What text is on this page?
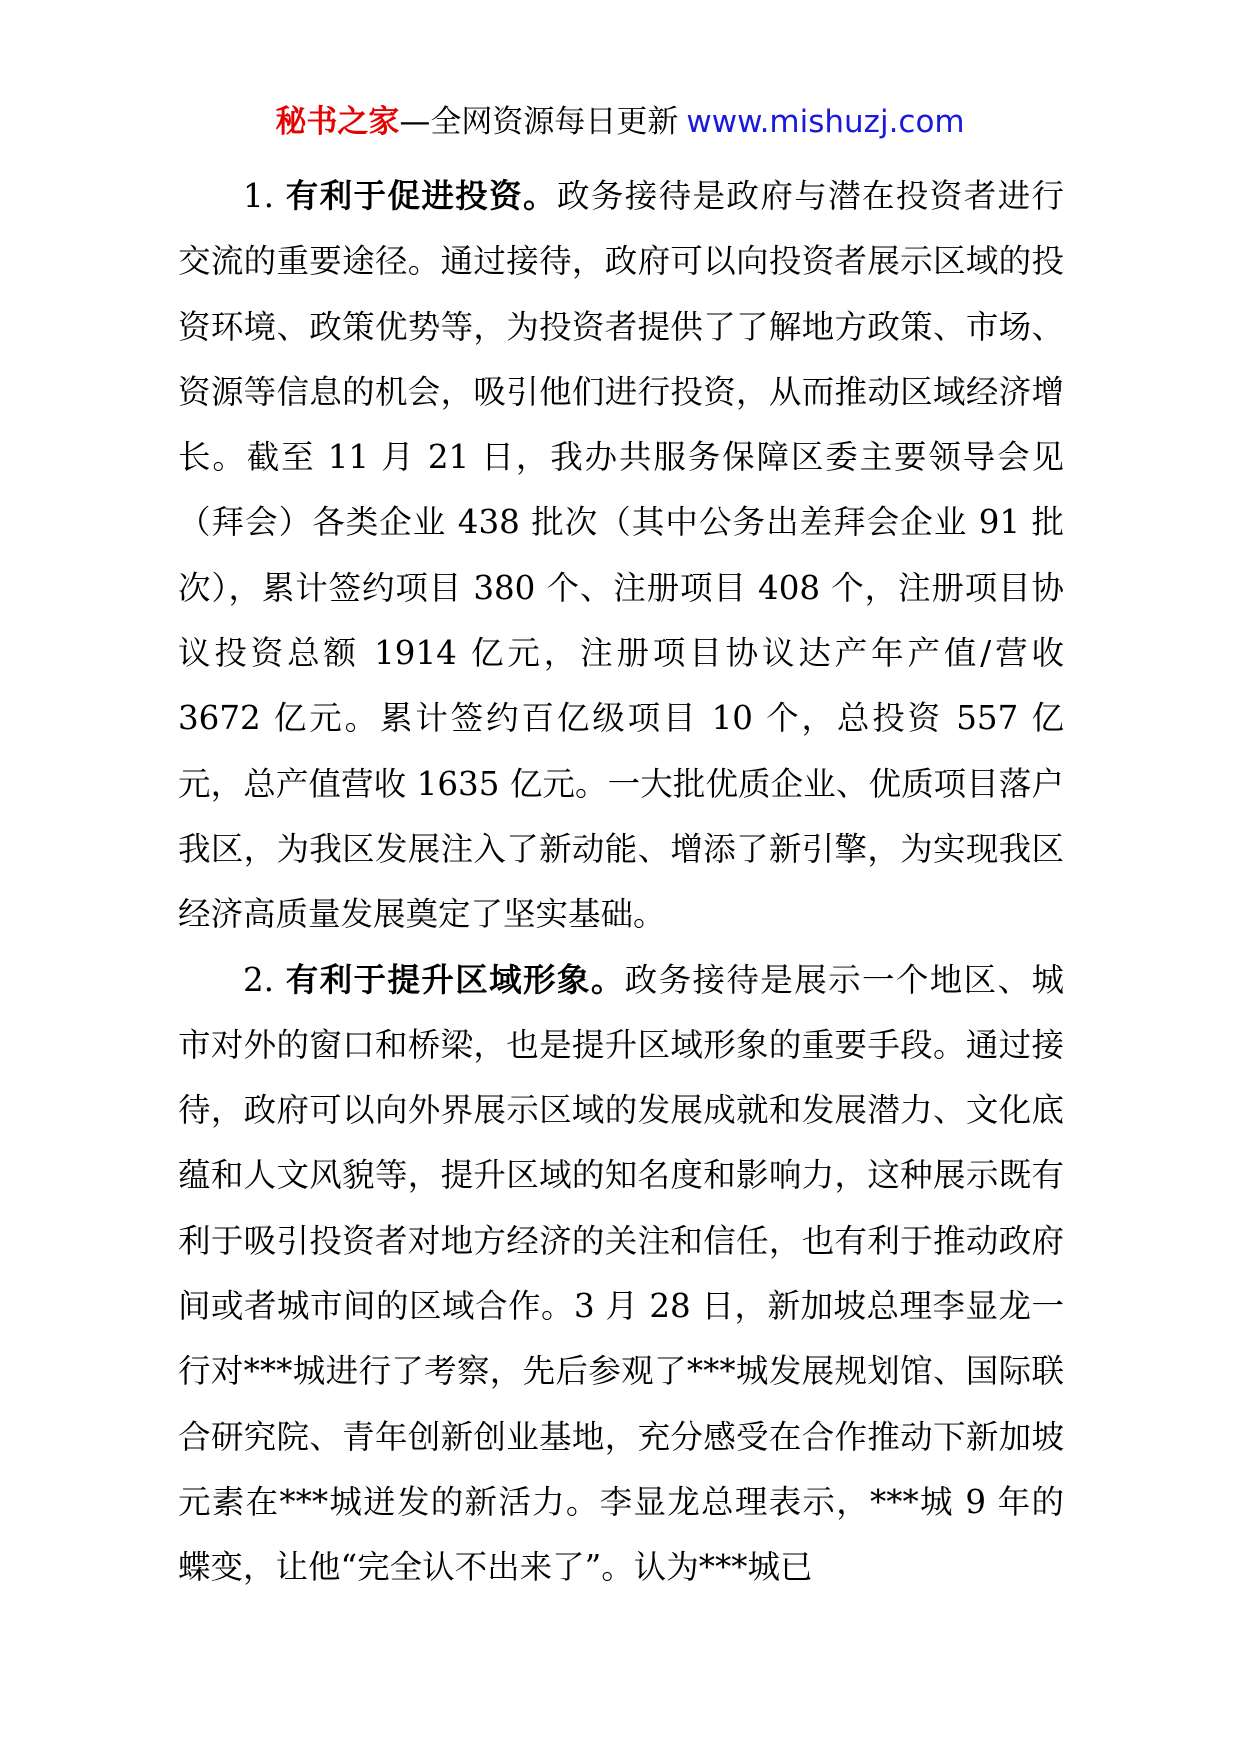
秘书之家—全网资源每日更新 www.mishuzj.com

1. 有利于促进投资。政务接待是政府与潜在投资者进行交流的重要途径。通过接待，政府可以向投资者展示区域的投资环境、政策优势等，为投资者提供了了解地方政策、市场、资源等信息的机会，吸引他们进行投资，从而推动区域经济增长。截至 11 月 21 日，我办共服务保障区委主要领导会见（拜会）各类企业 438 批次（其中公务出差拜会企业 91 批次），累计签约项目 380 个、注册项目 408 个，注册项目协议投资总额 1914 亿元，注册项目协议达产年产值/营收 3672 亿元。累计签约百亿级项目 10 个，总投资 557 亿元，总产值营收 1635 亿元。一大批优质企业、优质项目落户我区，为我区发展注入了新动能、增添了新引擎，为实现我区经济高质量发展奠定了坚实基础。

2. 有利于提升区域形象。政务接待是展示一个地区、城市对外的窗口和桥梁，也是提升区域形象的重要手段。通过接待，政府可以向外界展示区域的发展成就和发展潜力、文化底蕴和人文风貌等，提升区域的知名度和影响力，这种展示既有利于吸引投资者对地方经济的关注和信任，也有利于推动政府间或者城市间的区域合作。3 月 28 日，新加坡总理李显龙一行对***城进行了考察，先后参观了***城发展规划馆、国际联合研究院、青年创新创业基地，充分感受在合作推动下新加坡元素在***城迸发的新活力。李显龙总理表示，***城 9 年的蝶变，让他“完全认不出来了”。认为***城已
